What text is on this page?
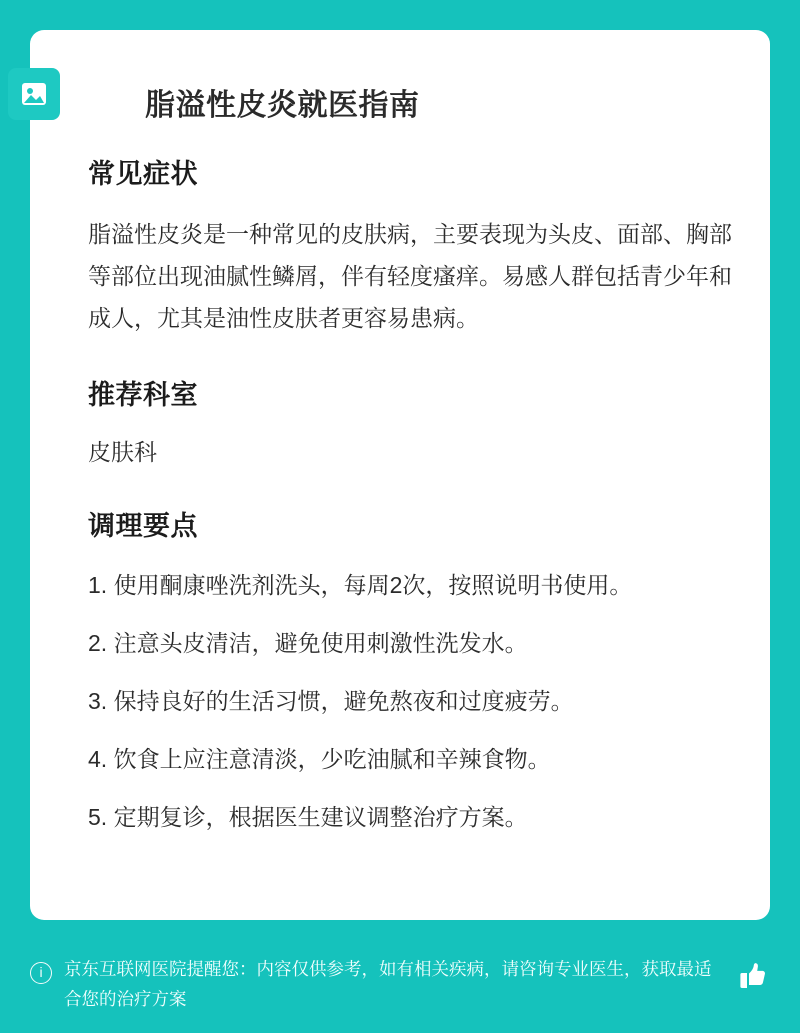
脂溢性皮炎就医指南
常见症状

脂溢性皮炎是一种常见的皮肤病，主要表现为头皮、面部、胸部等部位出现油腻性鳞屑，伴有轻度瘙痒。易感人群包括青少年和成人，尤其是油性皮肤者更容易患病。

推荐科室

皮肤科

调理要点
1. 使用酮康唑洗剂洗头，每周2次，按照说明书使用。
2. 注意头皮清洁，避免使用刺激性洗发水。
3. 保持良好的生活习惯，避免熬夜和过度疲劳。
4. 饮食上应注意清淡，少吃油腻和辛辣食物。
5. 定期复诊，根据医生建议调整治疗方案。
i	京东互联网医院提醒您：内容仅供参考，如有相关疾病，请咨询专业医生，获取最适合您的治疗方案
